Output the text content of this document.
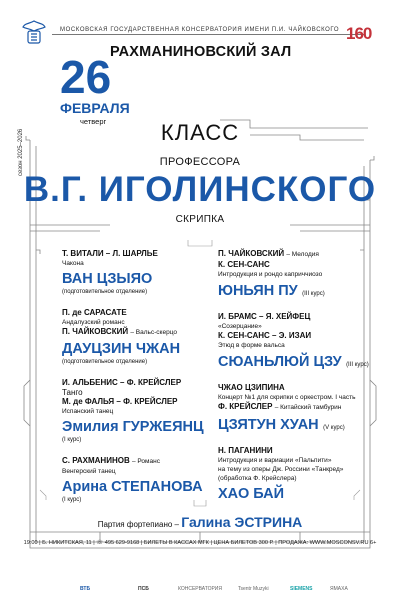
МОСКОВСКАЯ ГОСУДАРСТВЕННАЯ КОНСЕРВАТОРИЯ ИМЕНИ П.И. ЧАЙКОВСКОГО 160
РАХМАНИНОВСКИЙ ЗАЛ
сезон 2025–2026
26
ФЕВРАЛЯ
четверг	КЛАСС
ПРОФЕССОРА
В.Г. ИГОЛИНСКОГО
СКРИПКА
Т. ВИТАЛИ – Л. ШАРЛЬЕ
Чакона
ВАН ЦЗЫЯО
(подготовительное отделение)
П. де САРАСАТЕ
Андалузский романс
П. ЧАЙКОВСКИЙ – Вальс-скерцо
ДАУЦЗИН ЧЖАН
(подготовительное отделение)
И. АЛЬБЕНИС – Ф. КРЕЙСЛЕР
Танго
М. де ФАЛЬЯ – Ф. КРЕЙСЛЕР
Испанский танец
Эмилия ГУРЖЕЯНЦ
(I курс)
С. РАХМАНИНОВ – Романс
Венгерский танец
Арина СТЕПАНОВА
(I курс)
П. ЧАЙКОВСКИЙ – Мелодия
К. СЕН-САНС
Интродукция и рондо каприччиозо
ЮНЬЯН ПУ (III курс)
И. БРАМС – Я. ХЕЙФЕЦ
«Созерцание»
К. СЕН-САНС – Э. ИЗАИ
Этюд в форме вальса
СЮАНЬЛЮЙ ЦЗУ (III курс)
ЧЖАО ЦЗИПИНА
Концерт №1 для скрипки с оркестром. I часть
Ф. КРЕЙСЛЕР – Китайский тамбурин
ЦЗЯТУН ХУАН (V курс)
Н. ПАГАНИНИ
Интродукция и вариации «Пальпити»
на тему из оперы Дж. Россини «Танкред»
(обработка Ф. Крейслера)
ХАО БАЙ
Партия фортепиано – Галина ЭСТРИНА
19:00 | Б. НИКИТСКАЯ, 11 | ☏ 495 629-9168 | БИЛЕТЫ В КАССАХ МГК | ЦЕНА БИЛЕТОВ 300 Р. | ПРОДАЖА: WWW.MOSCONSV.RU 6+
ВТБ	ПСБ	КОНСЕРВАТОРИЯ	Tsentr Muzyki	SIEMENS	ЯМАХА
